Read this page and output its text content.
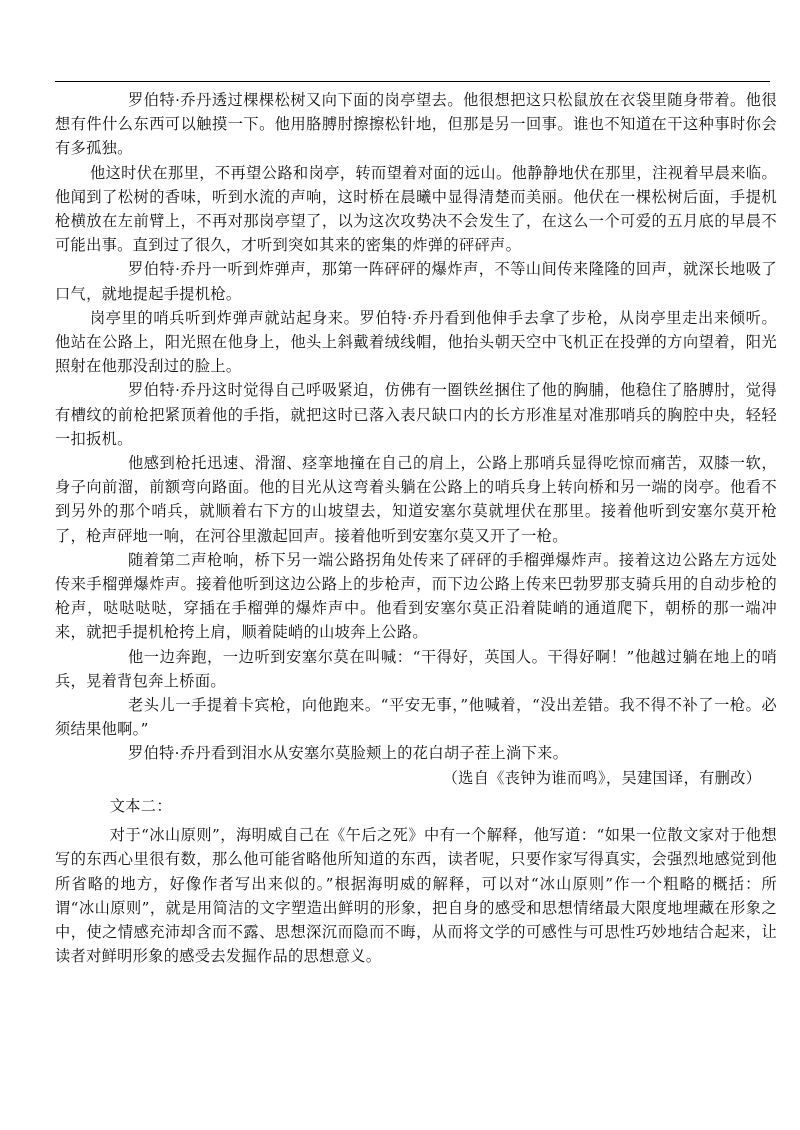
罗伯特·乔丹透过棵棵松树又向下面的岗亭望去。他很想把这只松鼠放在衣袋里随身带着。他很想有件什么东西可以触摸一下。他用胳膊肘擦擦松针地，但那是另一回事。谁也不知道在干这种事时你会有多孤独。

他这时伏在那里，不再望公路和岗亭，转而望着对面的远山。他静静地伏在那里，注视着早晨来临。他闻到了松树的香味，听到水流的声响，这时桥在晨曦中显得清楚而美丽。他伏在一棵松树后面，手提机枪横放在左前臂上，不再对那岗亭望了，以为这次攻势决不会发生了，在这么一个可爱的五月底的早晨不可能出事。直到过了很久，才听到突如其来的密集的炸弹的砰砰声。

罗伯特·乔丹一听到炸弹声，那第一阵砰砰的爆炸声，不等山间传来隆隆的回声，就深长地吸了口气，就地提起手提机枪。

岗亭里的哨兵听到炸弹声就站起身来。罗伯特·乔丹看到他伸手去拿了步枪，从岗亭里走出来倾听。他站在公路上，阳光照在他身上，他头上斜戴着绒线帽，他抬头朝天空中飞机正在投弹的方向望着，阳光照射在他那没刮过的脸上。

罗伯特·乔丹这时觉得自己呼吸紧迫，仿佛有一圈铁丝捆住了他的胸脯，他稳住了胳膊肘，觉得有槽纹的前枪把紧顶着他的手指，就把这时已落入表尺缺口内的长方形准星对准那哨兵的胸腔中央，轻轻一扣扳机。

他感到枪托迅速、滑溜、痉挛地撞在自己的肩上，公路上那哨兵显得吃惊而痛苦，双膝一软，身子向前溜，前额弯向路面。他的目光从这弯着头躺在公路上的哨兵身上转向桥和另一端的岗亭。他看不到另外的那个哨兵，就顺着右下方的山坡望去，知道安塞尔莫就埋伏在那里。接着他听到安塞尔莫开枪了，枪声砰地一响，在河谷里激起回声。接着他听到安塞尔莫又开了一枪。

随着第二声枪响，桥下另一端公路拐角处传来了砰砰的手榴弹爆炸声。接着这边公路左方远处传来手榴弹爆炸声。接着他听到这边公路上的步枪声，而下边公路上传来巴勃罗那支骑兵用的自动步枪的枪声，哒哒哒哒，穿插在手榴弹的爆炸声中。他看到安塞尔莫正沿着陡峭的通道爬下，朝桥的那一端冲来，就把手提机枪挎上肩，顺着陡峭的山坡奔上公路。

他一边奔跑，一边听到安塞尔莫在叫喊：“干得好，英国人。干得好啊！”他越过躺在地上的哨兵，晃着背包奔上桥面。

老头儿一手提着卡宾枪，向他跑来。“平安无事，”他喊着，“没出差错。我不得不补了一枪。必须结果他啊。”

罗伯特·乔丹看到泪水从安塞尔莫脸颊上的花白胡子茬上淌下来。

（选自《丧钟为谁而鸣》，吴建国译，有删改）

文本二：

对于“冰山原则”，海明威自己在《午后之死》中有一个解释，他写道：“如果一位散文家对于他想写的东西心里很有数，那么他可能省略他所知道的东西，读者呢，只要作家写得真实，会强烈地感觉到他所省略的地方，好像作者写出来似的。”根据海明威的解释，可以对“冰山原则”作一个粗略的概括：所谓“冰山原则”，就是用简洁的文字塑造出鲜明的形象，把自身的感受和思想情绪最大限度地埋藏在形象之中，使之情感充沛却含而不露、思想深沉而隐而不晦，从而将文学的可感性与可思性巧妙地结合起来，让读者对鲜明形象的感受去发掘作品的思想意义。
